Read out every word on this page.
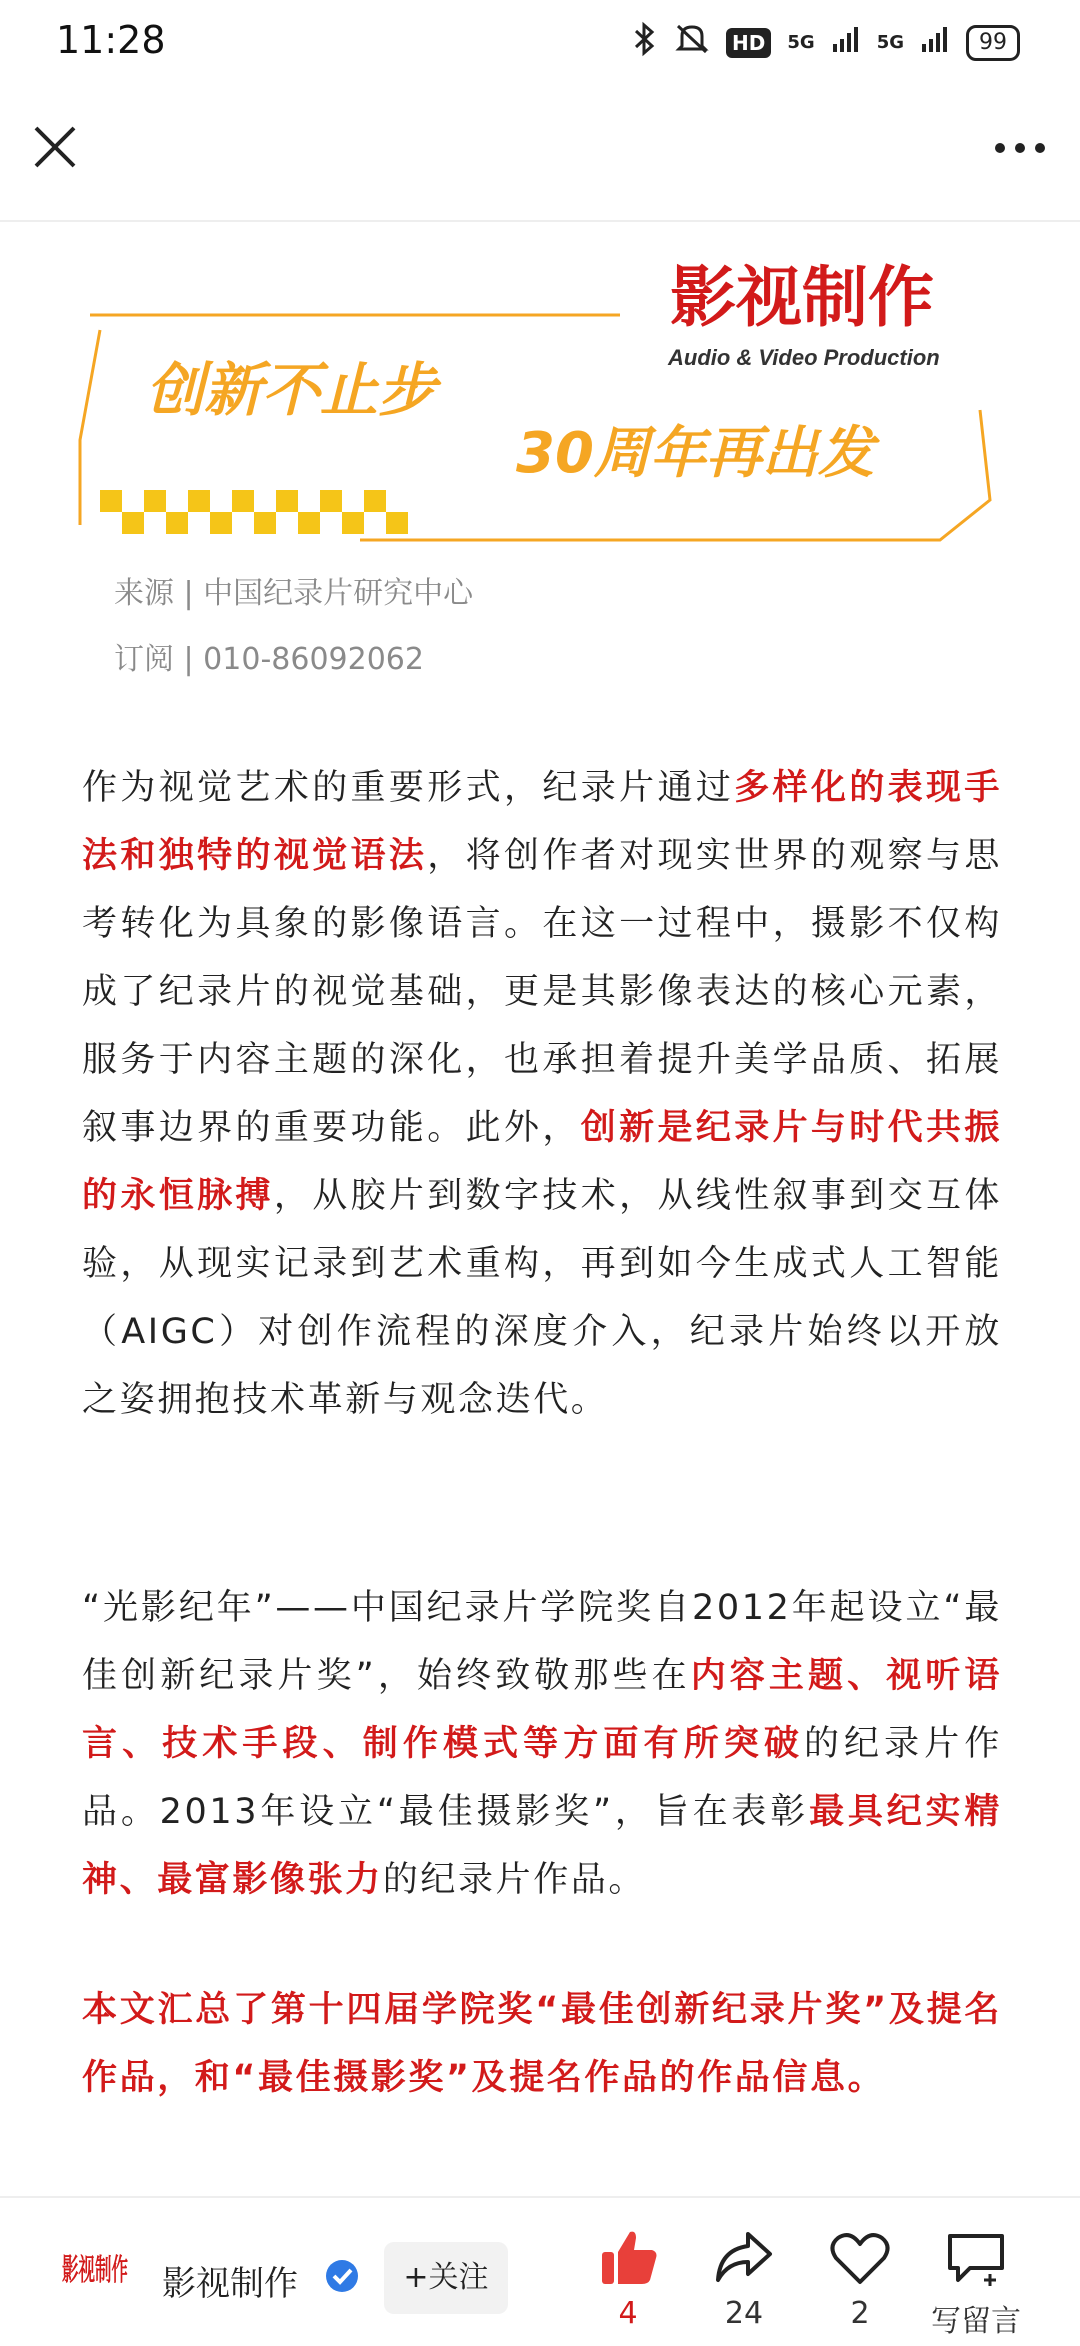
11:28	HD	5G	5G	99
影视制作
Audio & Video Production
创新不止步
30周年再出发
来源 | 中国纪录片研究中心
订阅 | 010-86092062

作为视觉艺术的重要形式，纪录片通过多样化的表现手法和独特的视觉语法，将创作者对现实世界的观察与思考转化为具象的影像语言。在这一过程中，摄影不仅构成了纪录片的视觉基础，更是其影像表达的核心元素，服务于内容主题的深化，也承担着提升美学品质、拓展叙事边界的重要功能。此外，创新是纪录片与时代共振的永恒脉搏，从胶片到数字技术，从线性叙事到交互体验，从现实记录到艺术重构，再到如今生成式人工智能（AIGC）对创作流程的深度介入，纪录片始终以开放之姿拥抱技术革新与观念迭代。

“光影纪年”——中国纪录片学院奖自2012年起设立“最佳创新纪录片奖”，始终致敬那些在内容主题、视听语言、技术手段、制作模式等方面有所突破的纪录片作品。2013年设立“最佳摄影奖”，旨在表彰最具纪实精神、最富影像张力的纪录片作品。

本文汇总了第十四届学院奖“最佳创新纪录片奖”及提名作品，和“最佳摄影奖”及提名作品的作品信息。

影视制作 影视制作	+关注
4	24	2	写留言
